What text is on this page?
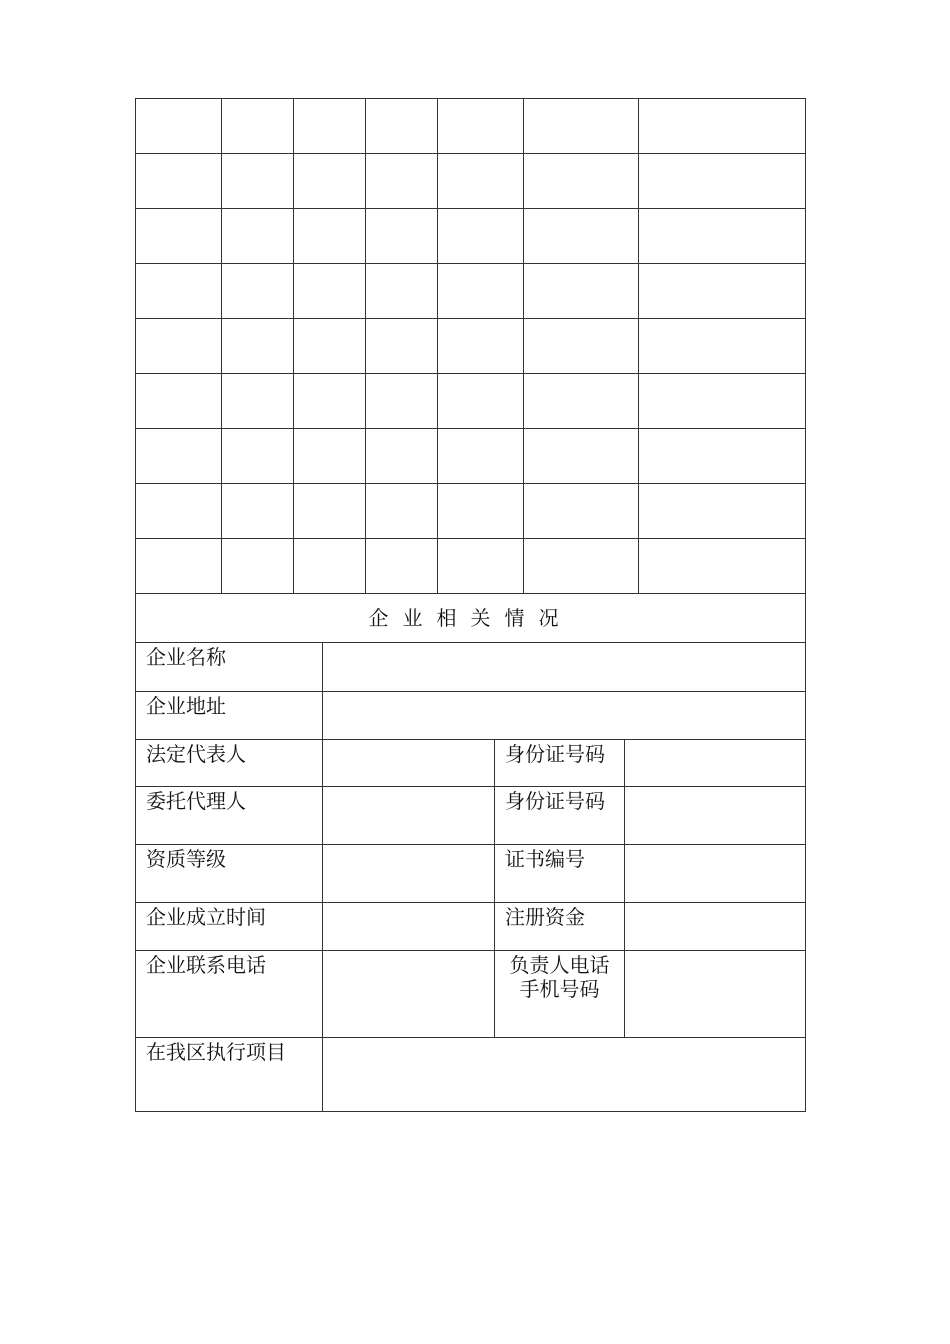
企业相关情况			
企业名称			
企业地址			
法定代表人		身份证号码	
委托代理人		身份证号码	
资质等级		证书编号	
企业成立时间		注册资金	
企业联系电话		负责人电话
手机号码	

在我区执行项目			
